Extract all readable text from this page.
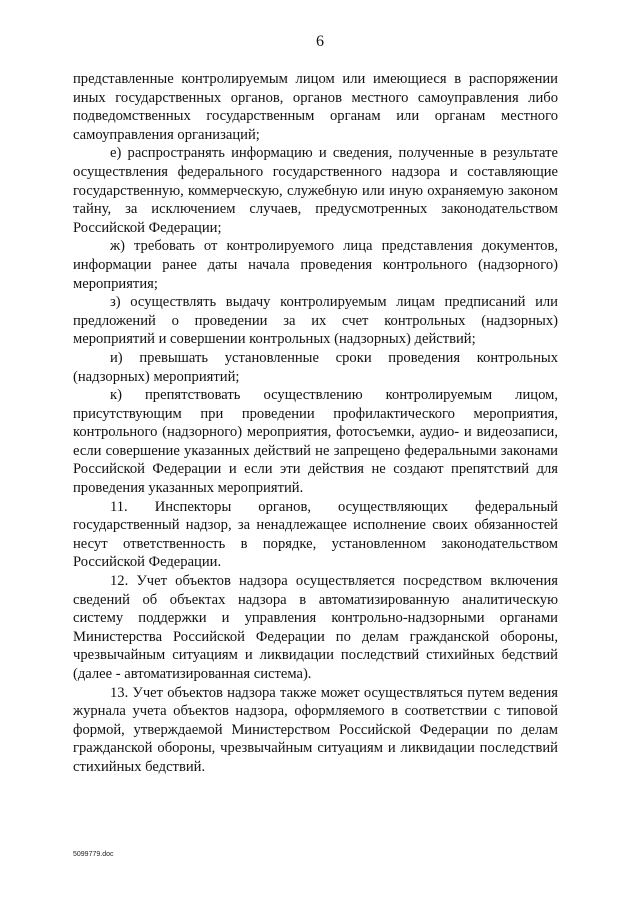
6

представленные контролируемым лицом или имеющиеся в распоряжении иных государственных органов, органов местного самоуправления либо подведомственных государственным органам или органам местного самоуправления организаций;

е) распространять информацию и сведения, полученные в результате осуществления федерального государственного надзора и составляющие государственную, коммерческую, служебную или иную охраняемую законом тайну, за исключением случаев, предусмотренных законодательством Российской Федерации;

ж) требовать от контролируемого лица представления документов, информации ранее даты начала проведения контрольного (надзорного) мероприятия;

з) осуществлять выдачу контролируемым лицам предписаний или предложений о проведении за их счет контрольных (надзорных) мероприятий и совершении контрольных (надзорных) действий;

и) превышать установленные сроки проведения контрольных (надзорных) мероприятий;

к) препятствовать осуществлению контролируемым лицом, присутствующим при проведении профилактического мероприятия, контрольного (надзорного) мероприятия, фотосъемки, аудио- и видеозаписи, если совершение указанных действий не запрещено федеральными законами Российской Федерации и если эти действия не создают препятствий для проведения указанных мероприятий.

11. Инспекторы органов, осуществляющих федеральный государственный надзор, за ненадлежащее исполнение своих обязанностей несут ответственность в порядке, установленном законодательством Российской Федерации.

12. Учет объектов надзора осуществляется посредством включения сведений об объектах надзора в автоматизированную аналитическую систему поддержки и управления контрольно-надзорными органами Министерства Российской Федерации по делам гражданской обороны, чрезвычайным ситуациям и ликвидации последствий стихийных бедствий (далее - автоматизированная система).

13. Учет объектов надзора также может осуществляться путем ведения журнала учета объектов надзора, оформляемого в соответствии с типовой формой, утверждаемой Министерством Российской Федерации по делам гражданской обороны, чрезвычайным ситуациям и ликвидации последствий стихийных бедствий.

5099779.doc
